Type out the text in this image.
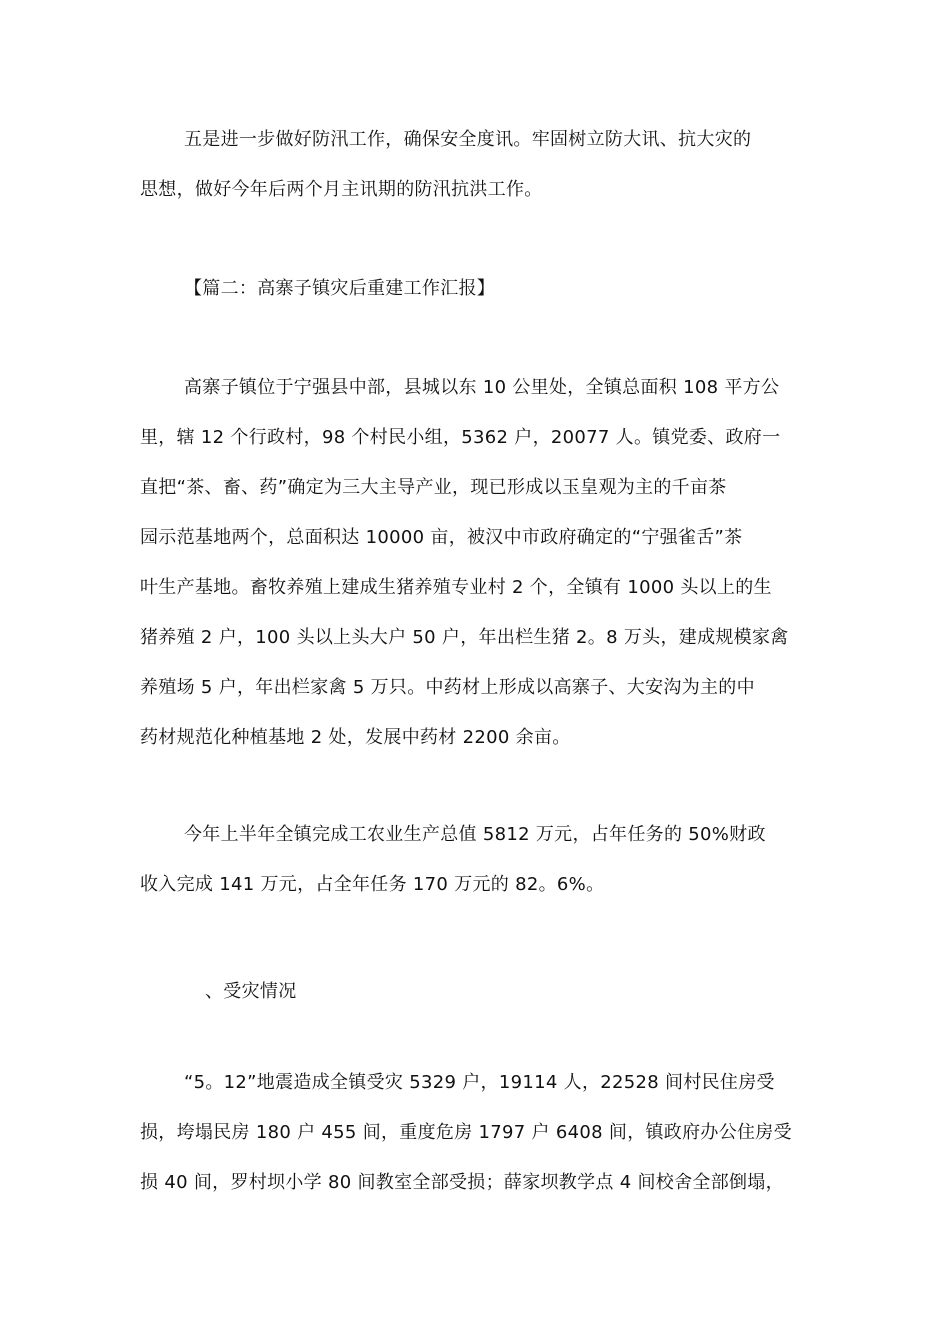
五是进一步做好防汛工作，确保安全度讯。牢固树立防大讯、抗大灾的
思想，做好今年后两个月主讯期的防汛抗洪工作。
【篇二：高寨子镇灾后重建工作汇报】
高寨子镇位于宁强县中部，县城以东 10 公里处，全镇总面积 108 平方公
里，辖 12 个行政村，98 个村民小组，5362 户，20077 人。镇党委、政府一
直把“茶、畜、药”确定为三大主导产业，现已形成以玉皇观为主的千亩茶
园示范基地两个，总面积达 10000 亩，被汉中市政府确定的“宁强雀舌”茶
叶生产基地。畜牧养殖上建成生猪养殖专业村 2 个，全镇有 1000 头以上的生
猪养殖 2 户，100 头以上头大户 50 户，年出栏生猪 2。8 万头，建成规模家禽
养殖场 5 户，年出栏家禽 5 万只。中药材上形成以高寨子、大安沟为主的中
药材规范化种植基地 2 处，发展中药材 2200 余亩。
今年上半年全镇完成工农业生产总值 5812 万元，占年任务的 50%财政
收入完成 141 万元，占全年任务 170 万元的 82。6%。
、受灾情况
“5。12”地震造成全镇受灾 5329 户，19114 人，22528 间村民住房受
损，垮塌民房 180 户 455 间，重度危房 1797 户 6408 间，镇政府办公住房受
损 40 间，罗村坝小学 80 间教室全部受损；薛家坝教学点 4 间校舍全部倒塌，
